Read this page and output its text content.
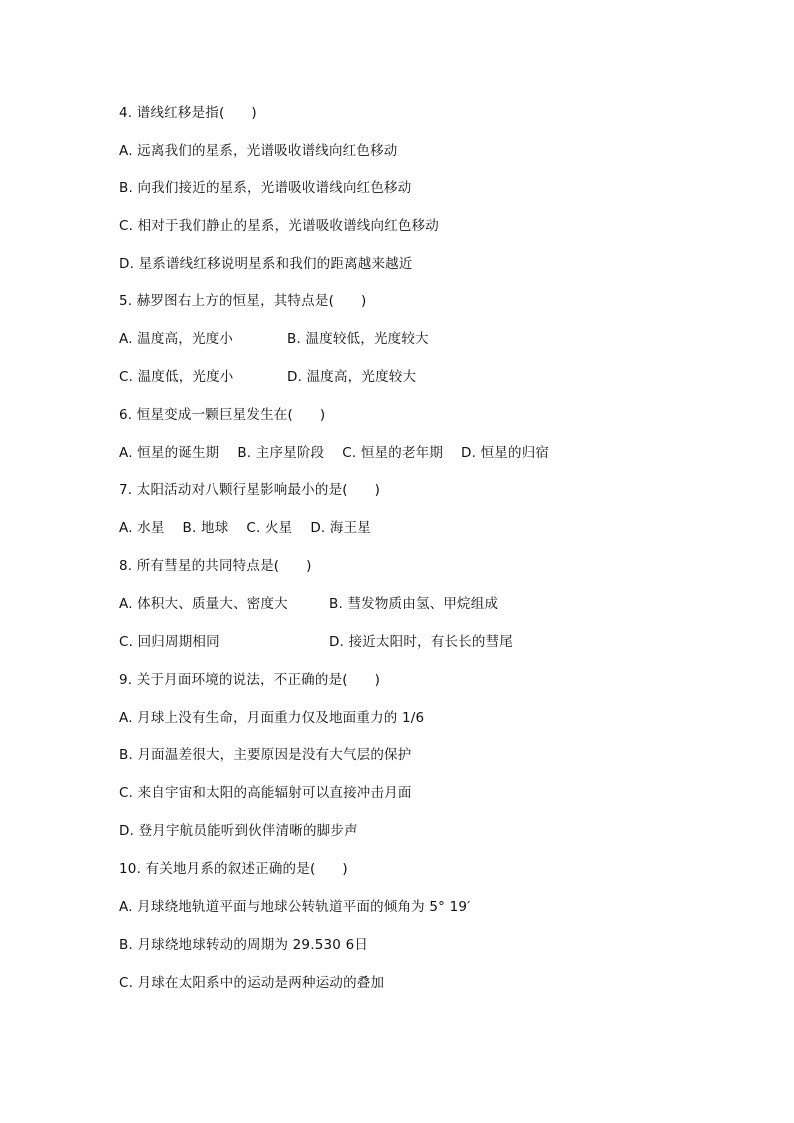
4. 谱线红移是指(      )
A. 远离我们的星系，光谱吸收谱线向红色移动
B. 向我们接近的星系，光谱吸收谱线向红色移动
C. 相对于我们静止的星系，光谱吸收谱线向红色移动
D. 星系谱线红移说明星系和我们的距离越来越近
5. 赫罗图右上方的恒星，其特点是(      )
A. 温度高，光度小	B. 温度较低，光度较大
C. 温度低，光度小	D. 温度高，光度较大
6. 恒星变成一颗巨星发生在(      )
A. 恒星的诞生期    B. 主序星阶段    C. 恒星的老年期    D. 恒星的归宿
7. 太阳活动对八颗行星影响最小的是(      )
A. 水星    B. 地球    C. 火星    D. 海王星
8. 所有彗星的共同特点是(      )
A. 体积大、质量大、密度大	B. 彗发物质由氢、甲烷组成
C. 回归周期相同	D. 接近太阳时，有长长的彗尾
9. 关于月面环境的说法，不正确的是(      )
A. 月球上没有生命，月面重力仅及地面重力的 1/6
B. 月面温差很大，主要原因是没有大气层的保护
C. 来自宇宙和太阳的高能辐射可以直接冲击月面
D. 登月宇航员能听到伙伴清晰的脚步声
10. 有关地月系的叙述正确的是(      )
A. 月球绕地轨道平面与地球公转轨道平面的倾角为 5° 19′
B. 月球绕地球转动的周期为 29.530 6日
C. 月球在太阳系中的运动是两种运动的叠加
